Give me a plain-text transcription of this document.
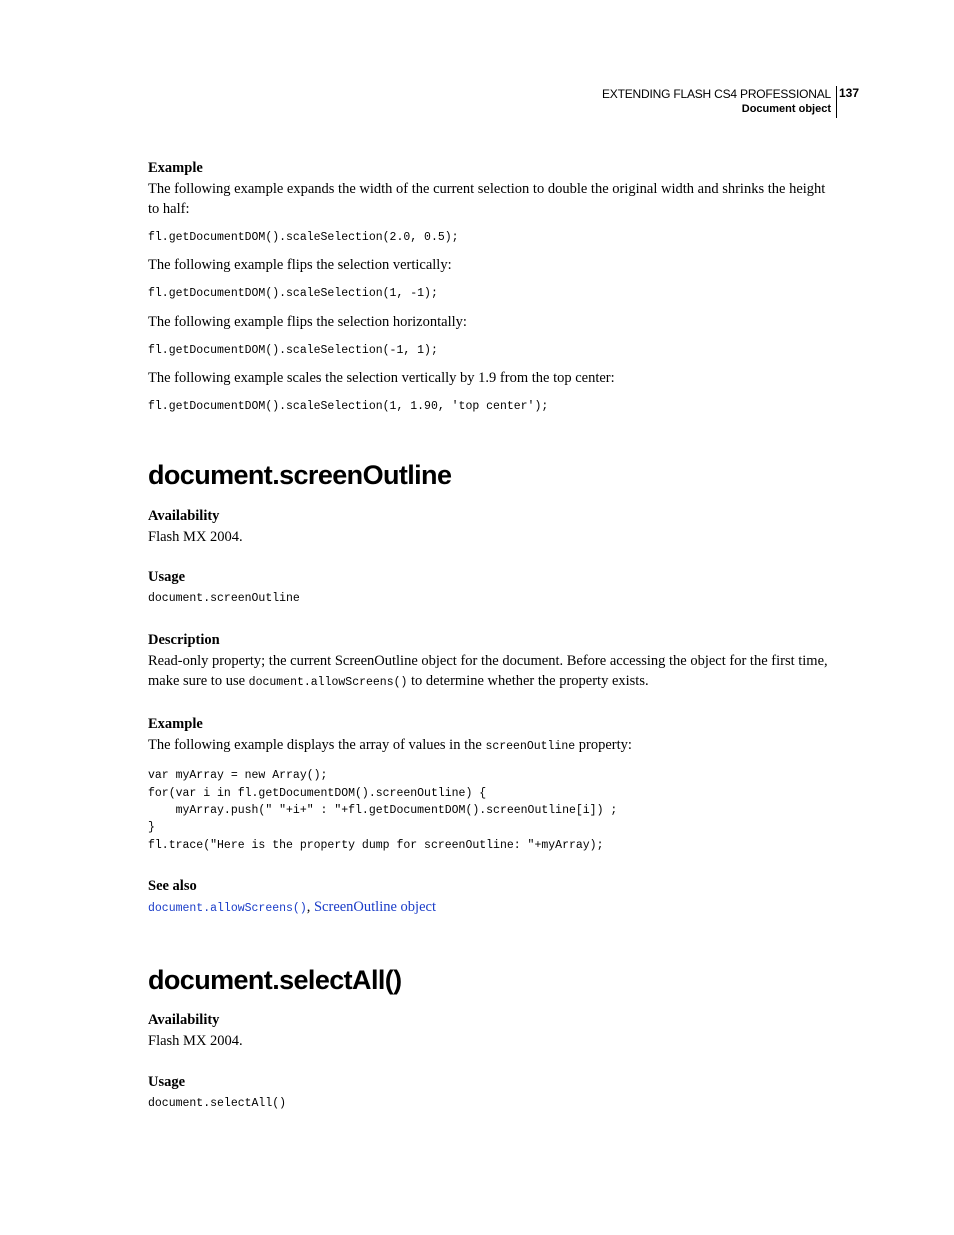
EXTENDING FLASH CS4 PROFESSIONAL
Document object
137

Example

The following example expands the width of the current selection to double the original width and shrinks the height to half:

fl.getDocumentDOM().scaleSelection(2.0, 0.5);

The following example flips the selection vertically:

fl.getDocumentDOM().scaleSelection(1, -1);

The following example flips the selection horizontally:

fl.getDocumentDOM().scaleSelection(-1, 1);

The following example scales the selection vertically by 1.9 from the top center:

fl.getDocumentDOM().scaleSelection(1, 1.90, 'top center');

document.screenOutline

Availability

Flash MX 2004.

Usage

document.screenOutline

Description

Read-only property; the current ScreenOutline object for the document. Before accessing the object for the first time, make sure to use document.allowScreens() to determine whether the property exists.

Example

The following example displays the array of values in the screenOutline property:

var myArray = new Array();
for(var i in fl.getDocumentDOM().screenOutline) {
myArray.push(" "+i+" : "+fl.getDocumentDOM().screenOutline[i]) ;
}
fl.trace("Here is the property dump for screenOutline: "+myArray);

See also

document.allowScreens(), ScreenOutline object

document.selectAll()

Availability

Flash MX 2004.

Usage

document.selectAll()
